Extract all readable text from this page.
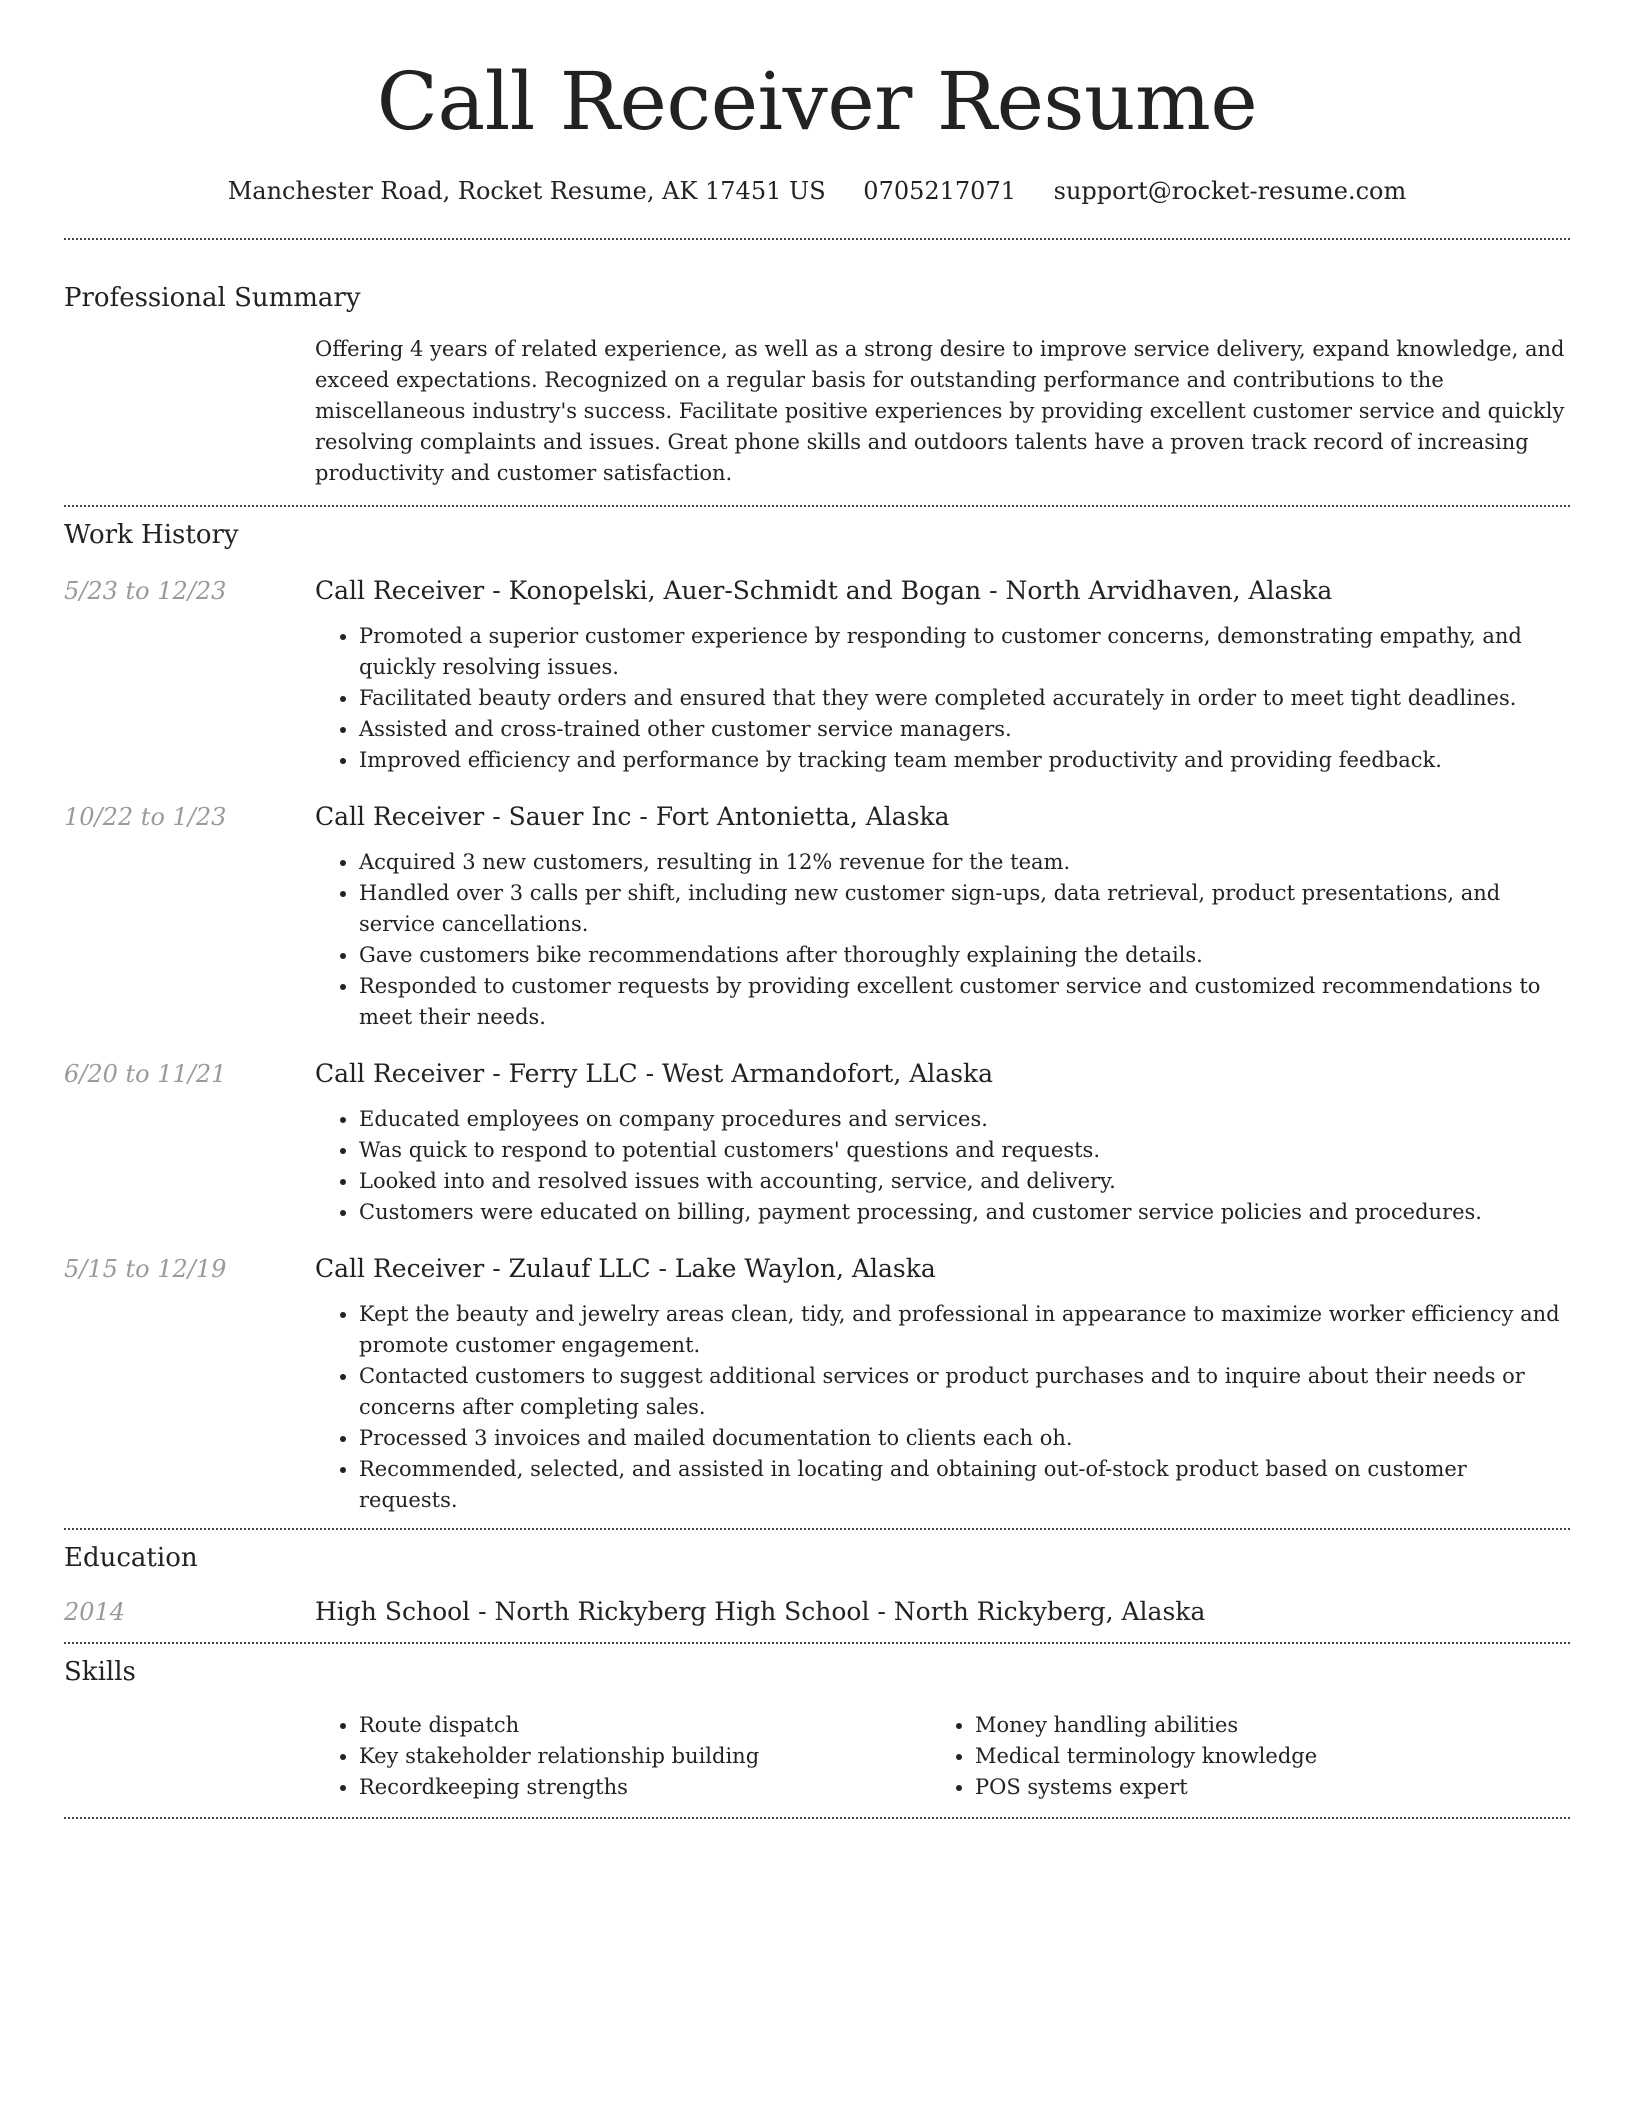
Call Receiver Resume
Manchester Road, Rocket Resume, AK 17451 US 0705217071 support@rocket-resume.com
Professional Summary
Offering 4 years of related experience, as well as a strong desire to improve service delivery, expand knowledge, and exceed expectations. Recognized on a regular basis for outstanding performance and contributions to the miscellaneous industry's success. Facilitate positive experiences by providing excellent customer service and quickly resolving complaints and issues. Great phone skills and outdoors talents have a proven track record of increasing productivity and customer satisfaction.
Work History
5/23 to 12/23	Call Receiver - Konopelski, Auer-Schmidt and Bogan - North Arvidhaven, Alaska
• Promoted a superior customer experience by responding to customer concerns, demonstrating empathy, and quickly resolving issues.
• Facilitated beauty orders and ensured that they were completed accurately in order to meet tight deadlines.
• Assisted and cross-trained other customer service managers.
• Improved efficiency and performance by tracking team member productivity and providing feedback.
10/22 to 1/23	Call Receiver - Sauer Inc - Fort Antonietta, Alaska
• Acquired 3 new customers, resulting in 12% revenue for the team.
• Handled over 3 calls per shift, including new customer sign-ups, data retrieval, product presentations, and service cancellations.
• Gave customers bike recommendations after thoroughly explaining the details.
• Responded to customer requests by providing excellent customer service and customized recommendations to meet their needs.
6/20 to 11/21	Call Receiver - Ferry LLC - West Armandofort, Alaska
• Educated employees on company procedures and services.
• Was quick to respond to potential customers' questions and requests.
• Looked into and resolved issues with accounting, service, and delivery.
• Customers were educated on billing, payment processing, and customer service policies and procedures.
5/15 to 12/19	Call Receiver - Zulauf LLC - Lake Waylon, Alaska
• Kept the beauty and jewelry areas clean, tidy, and professional in appearance to maximize worker efficiency and promote customer engagement.
• Contacted customers to suggest additional services or product purchases and to inquire about their needs or concerns after completing sales.
• Processed 3 invoices and mailed documentation to clients each oh.
• Recommended, selected, and assisted in locating and obtaining out-of-stock product based on customer requests.
Education
2014	High School - North Rickyberg High School - North Rickyberg, Alaska
Skills
• Route dispatch
• Key stakeholder relationship building
• Recordkeeping strengths
• Money handling abilities
• Medical terminology knowledge
• POS systems expert
